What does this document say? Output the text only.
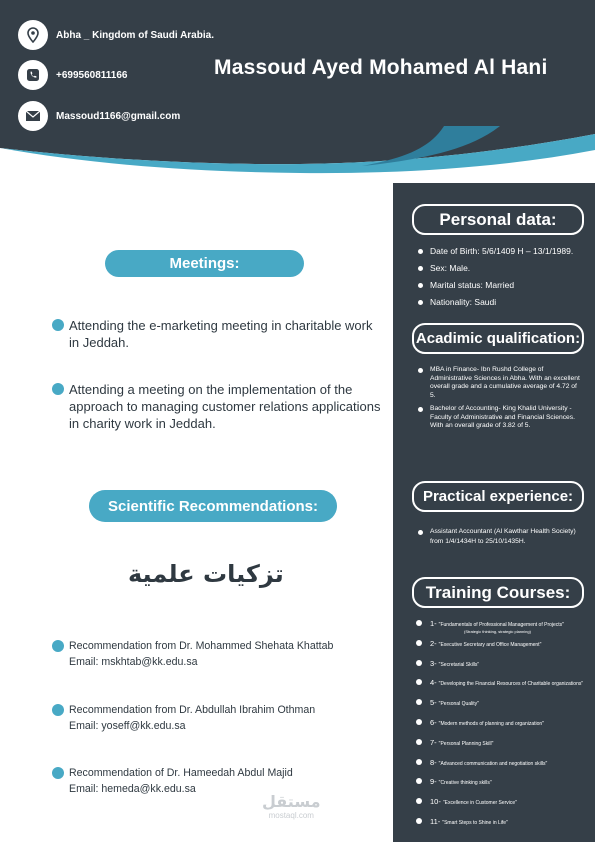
Abha _ Kingdom of Saudi Arabia.
+699560811166
Massoud1166@gmail.com
Massoud Ayed Mohamed Al Hani
Meetings:
Attending the e-marketing meeting in charitable work in Jeddah.
Attending a meeting on the implementation of the approach to managing customer relations applications in charity work in Jeddah.
Scientific Recommendations:
تزكيات علمية
Recommendation from Dr. Mohammed Shehata Khattab
Email: mskhtab@kk.edu.sa
Recommendation from Dr. Abdullah Ibrahim Othman
Email: yoseff@kk.edu.sa
Recommendation of Dr. Hameedah Abdul Majid
Email: hemeda@kk.edu.sa
Personal data:
Date of Birth: 5/6/1409 H – 13/1/1989.
Sex: Male.
Marital status: Married
Nationality: Saudi
Acadimic qualification:
MBA in Finance- Ibn Rushd College of Administrative Sciences in Abha. With an excellent overall grade and a cumulative average of 4.72 of 5.
Bachelor of Accounting- King Khalid University - Faculty of Administrative and Financial Sciences. With an overall grade of 3.82 of 5.
Practical experience:
Assistant Accountant (Al Kawthar Health Society) from 1/4/1434H to 25/10/1435H.
Training Courses:
1- "Fundamentals of Professional Management of Projects"
(Strategic thinking, strategic planning)
2- "Executive Secretary and Office Management"
3- "Secretarial Skills"
4- "Developing the Financial Resources of Charitable organizations"
5- "Personal Quality"
6- "Modern methods of planning and organization"
7- "Personal Planning Skill"
8- "Advanced communication and negotiation skills"
9- "Creative thinking skills"
10- "Excellence in Customer Service"
11- "Smart Steps to Shine in Life"
مستقل
mostaql.com
